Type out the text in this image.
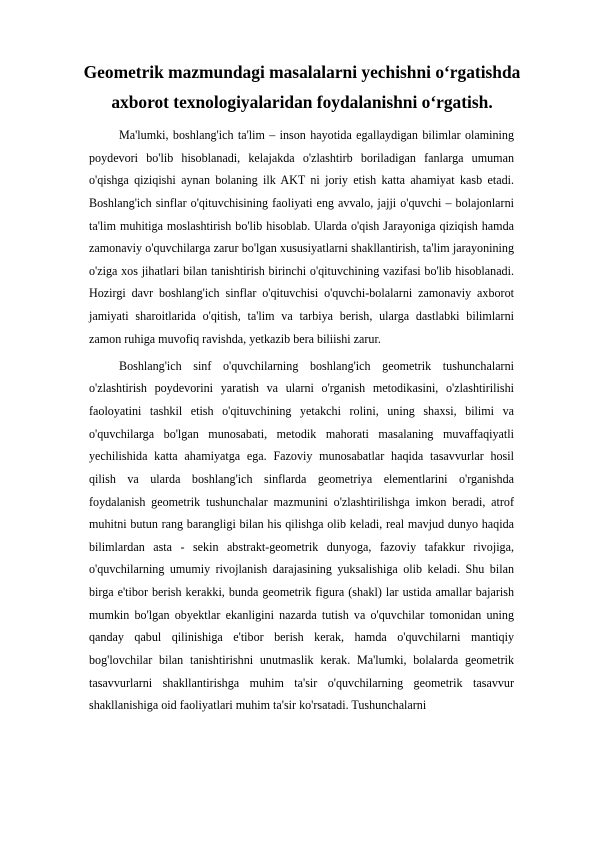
Geometrik mazmundagi masalalarni yechishni o‘rgatishda axborot texnologiyalaridan foydalanishni o‘rgatish.

Ma'lumki, boshlang'ich ta'lim – inson hayotida egallaydigan bilimlar olamining poydevori bo'lib hisoblanadi, kelajakda o'zlashtirb boriladigan fanlarga umuman o'qishga qiziqishi aynan bolaning ilk AKT ni joriy etish katta ahamiyat kasb etadi. Boshlang'ich sinflar o'qituvchisining faoliyati eng avvalo, jajji o'quvchi – bolajonlarni ta'lim muhitiga moslashtirish bo'lib hisoblab. Ularda o'qish Jarayoniga qiziqish hamda zamonaviy o'quvchilarga zarur bo'lgan xususiyatlarni shakllantirish, ta'lim jarayonining o'ziga xos jihatlari bilan tanishtirish birinchi o'qituvchining vazifasi bo'lib hisoblanadi. Hozirgi davr boshlang'ich sinflar o'qituvchisi o'quvchi-bolalarni zamonaviy axborot jamiyati sharoitlarida o'qitish, ta'lim va tarbiya berish, ularga dastlabki bilimlarni zamon ruhiga muvofiq ravishda, yetkazib bera biliishi zarur.

Boshlang'ich sinf o'quvchilarning boshlang'ich geometrik tushunchalarni o'zlashtirish poydevorini yaratish va ularni o'rganish metodikasini, o'zlashtirilishi faoloyatini tashkil etish o'qituvchining yetakchi rolini, uning shaxsi, bilimi va o'quvchilarga bo'lgan munosabati, metodik mahorati masalaning muvaffaqiyatli yechilishida katta ahamiyatga ega. Fazoviy munosabatlar haqida tasavvurlar hosil qilish va ularda boshlang'ich sinflarda geometriya elementlarini o'rganishda foydalanish geometrik tushunchalar mazmunini o'zlashtirilishga imkon beradi, atrof muhitni butun rang barangligi bilan his qilishga olib keladi, real mavjud dunyo haqida bilimlardan asta - sekin abstrakt-geometrik dunyoga, fazoviy tafakkur rivojiga, o'quvchilarning umumiy rivojlanish darajasining yuksalishiga olib keladi. Shu bilan birga e'tibor berish kerakki, bunda geometrik figura (shakl) lar ustida amallar bajarish mumkin bo'lgan obyektlar ekanligini nazarda tutish va o'quvchilar tomonidan uning qanday qabul qilinishiga e'tibor berish kerak, hamda o'quvchilarni mantiqiy bog'lovchilar bilan tanishtirishni unutmaslik kerak. Ma'lumki, bolalarda geometrik tasavvurlarni shakllantirishga muhim ta'sir o'quvchilarning geometrik tasavvur shakllanishiga oid faoliyatlari muhim ta'sir ko'rsatadi. Tushunchalarni
